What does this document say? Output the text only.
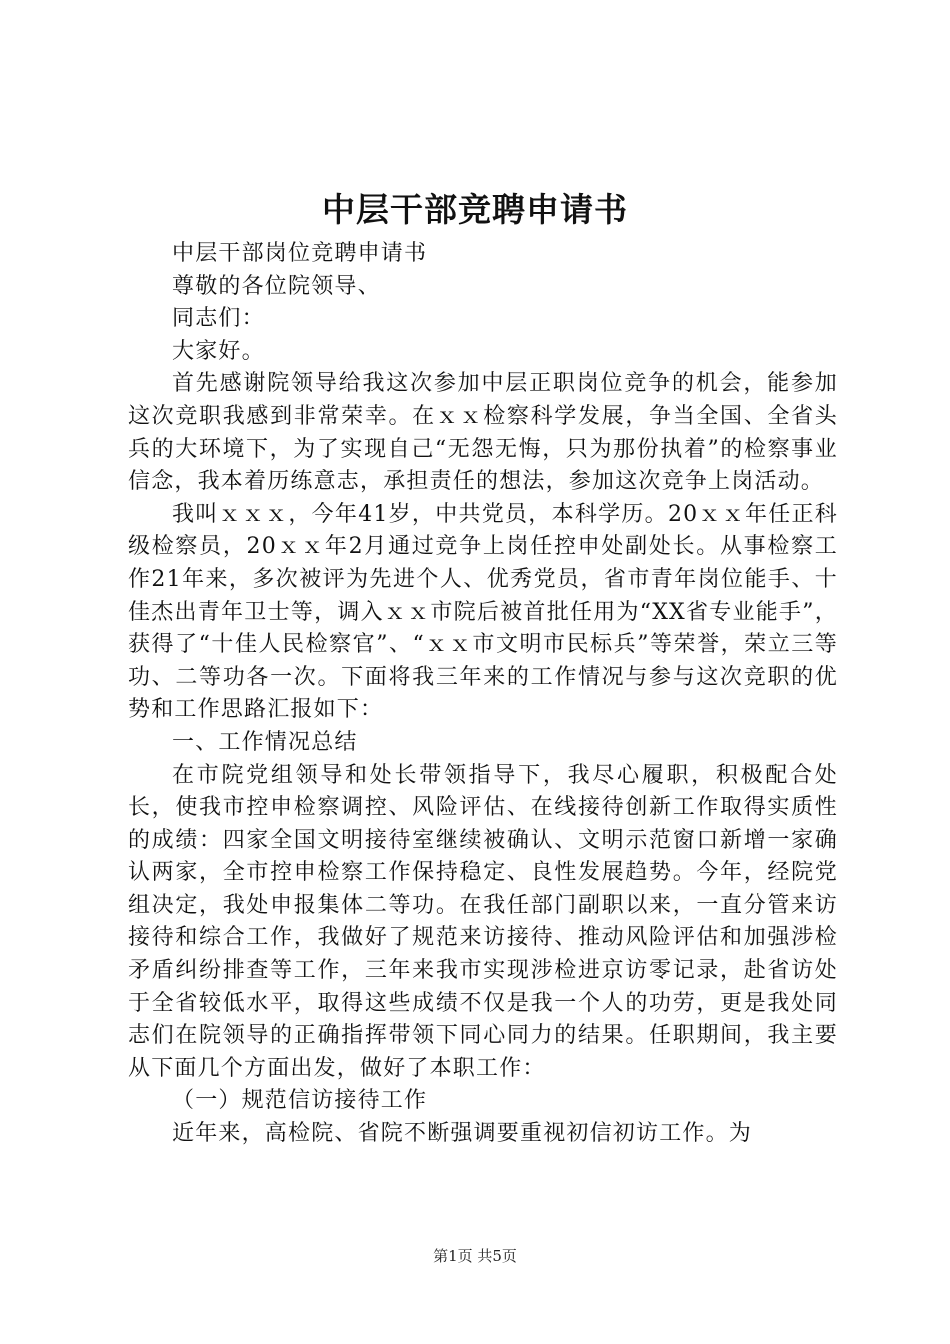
中层干部竞聘申请书

中层干部岗位竞聘申请书

尊敬的各位院领导、

同志们：

大家好。

首先感谢院领导给我这次参加中层正职岗位竞争的机会，能参加这次竞职我感到非常荣幸。在ｘｘ检察科学发展，争当全国、全省头兵的大环境下，为了实现自己“无怨无悔，只为那份执着”的检察事业信念，我本着历练意志，承担责任的想法，参加这次竞争上岗活动。

我叫ｘｘｘ，今年41岁，中共党员，本科学历。20ｘｘ年任正科级检察员，20ｘｘ年2月通过竞争上岗任控申处副处长。从事检察工作21年来，多次被评为先进个人、优秀党员，省市青年岗位能手、十佳杰出青年卫士等，调入ｘｘ市院后被首批任用为“XX省专业能手”，获得了“十佳人民检察官”、“ｘｘ市文明市民标兵”等荣誉，荣立三等功、二等功各一次。下面将我三年来的工作情况与参与这次竞职的优势和工作思路汇报如下：

一、工作情况总结

在市院党组领导和处长带领指导下，我尽心履职，积极配合处长，使我市控申检察调控、风险评估、在线接待创新工作取得实质性的成绩：四家全国文明接待室继续被确认、文明示范窗口新增一家确认两家，全市控申检察工作保持稳定、良性发展趋势。今年，经院党组决定，我处申报集体二等功。在我任部门副职以来，一直分管来访接待和综合工作，我做好了规范来访接待、推动风险评估和加强涉检矛盾纠纷排查等工作，三年来我市实现涉检进京访零记录，赴省访处于全省较低水平，取得这些成绩不仅是我一个人的功劳，更是我处同志们在院领导的正确指挥带领下同心同力的结果。任职期间，我主要从下面几个方面出发，做好了本职工作：

（一）规范信访接待工作

近年来，高检院、省院不断强调要重视初信初访工作。为

第1页 共5页
